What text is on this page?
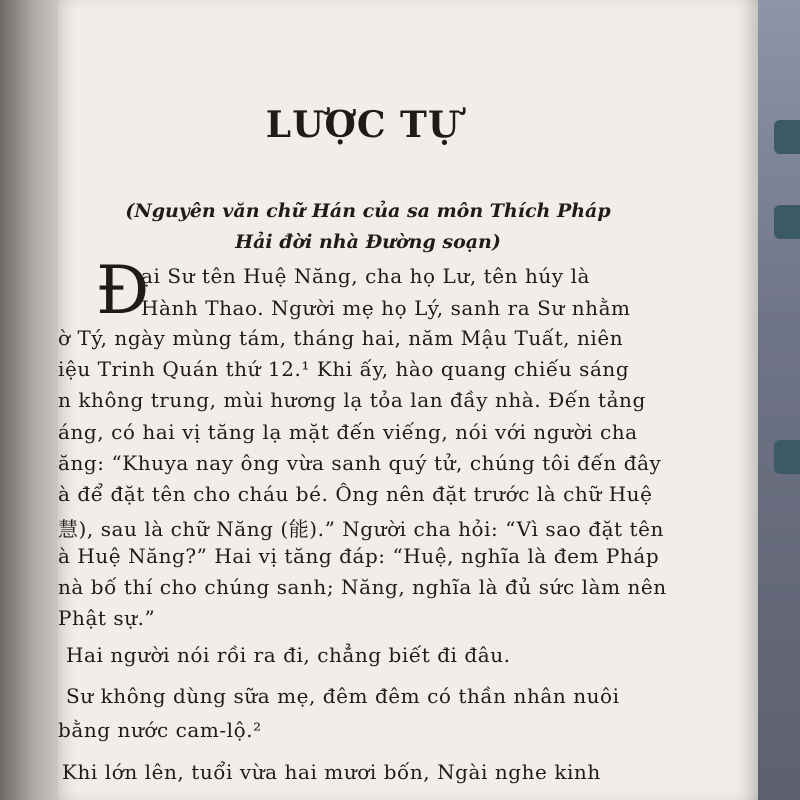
LƯỢC TỰ
(Nguyên văn chữ Hán của sa môn Thích Pháp
Hải đời nhà Đường soạn)
Đ
ại Sư tên Huệ Năng, cha họ Lư, tên húy là
Hành Thao. Người mẹ họ Lý, sanh ra Sư nhằm
ờ Tý, ngày mùng tám, tháng hai, năm Mậu Tuất, niên
iệu Trinh Quán thứ 12.¹ Khi ấy, hào quang chiếu sáng
n không trung, mùi hương lạ tỏa lan đầy nhà. Đến tảng
áng, có hai vị tăng lạ mặt đến viếng, nói với người cha
ăng: “Khuya nay ông vừa sanh quý tử, chúng tôi đến đây
à để đặt tên cho cháu bé. Ông nên đặt trước là chữ Huệ
慧), sau là chữ Năng (能).” Người cha hỏi: “Vì sao đặt tên
à Huệ Năng?” Hai vị tăng đáp: “Huệ, nghĩa là đem Pháp
nà bố thí cho chúng sanh; Năng, nghĩa là đủ sức làm nên
Phật sự.”
Hai người nói rồi ra đi, chẳng biết đi đâu.
Sư không dùng sữa mẹ, đêm đêm có thần nhân nuôi
bằng nước cam-lộ.²
Khi lớn lên, tuổi vừa hai mươi bốn, Ngài nghe kinh
